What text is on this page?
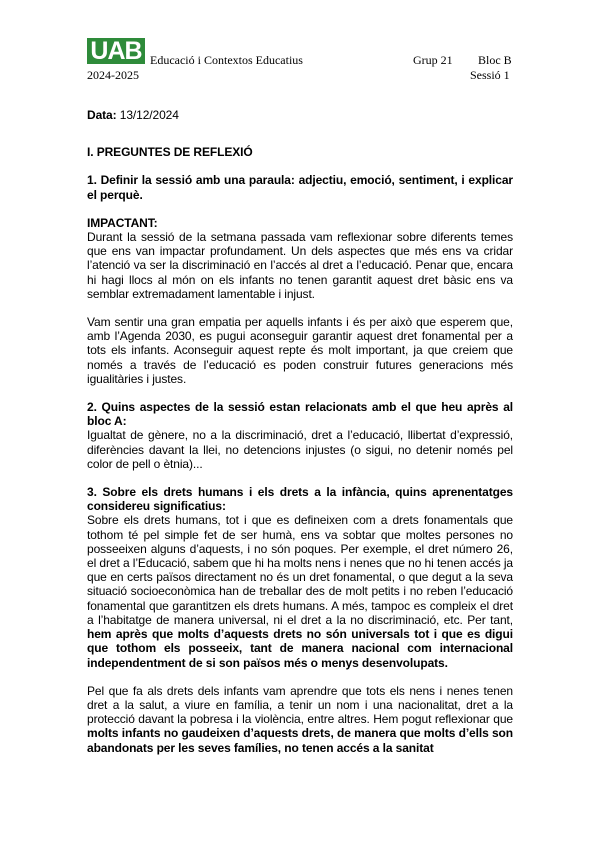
UAB Educació i Contextos Educatius	Grup 21 Bloc B
2024-2025	Sessió 1

Data: 13/12/2024

I. PREGUNTES DE REFLEXIÓ

1. Definir la sessió amb una paraula: adjectiu, emoció, sentiment, i explicar el perquè.

IMPACTANT:

Durant la sessió de la setmana passada vam reflexionar sobre diferents temes que ens van impactar profundament. Un dels aspectes que més ens va cridar l’atenció va ser la discriminació en l’accés al dret a l’educació. Penar que, encara hi hagi llocs al món on els infants no tenen garantit aquest dret bàsic ens va semblar extremadament lamentable i injust.

Vam sentir una gran empatia per aquells infants i és per això que esperem que, amb l’Agenda 2030, es pugui aconseguir garantir aquest dret fonamental per a tots els infants. Aconseguir aquest repte és molt important, ja que creiem que només a través de l’educació es poden construir futures generacions més igualitàries i justes.

2. Quins aspectes de la sessió estan relacionats amb el que heu après al bloc A:

Igualtat de gènere, no a la discriminació, dret a l’educació, llibertat d’expressió, diferències davant la llei, no detencions injustes (o sigui, no detenir només pel color de pell o ètnia)...

3. Sobre els drets humans i els drets a la infància, quins aprenentatges considereu significatius:

Sobre els drets humans, tot i que es defineixen com a drets fonamentals que tothom té pel simple fet de ser humà, ens va sobtar que moltes persones no posseeixen alguns d’aquests, i no són poques. Per exemple, el dret número 26, el dret a l’Educació, sabem que hi ha molts nens i nenes que no hi tenen accés ja que en certs països directament no és un dret fonamental, o que degut a la seva situació socioeconòmica han de treballar des de molt petits i no reben l’educació fonamental que garantitzen els drets humans. A més, tampoc es compleix el dret a l’habitatge de manera universal, ni el dret a la no discriminació, etc. Per tant, hem après que molts d’aquests drets no són universals tot i que es digui que tothom els posseeix, tant de manera nacional com internacional independentment de si son països més o menys desenvolupats.

Pel que fa als drets dels infants vam aprendre que tots els nens i nenes tenen dret a la salut, a viure en família, a tenir un nom i una nacionalitat, dret a la protecció davant la pobresa i la violència, entre altres. Hem pogut reflexionar que molts infants no gaudeixen d’aquests drets, de manera que molts d’ells son abandonats per les seves famílies, no tenen accés a la sanitat
